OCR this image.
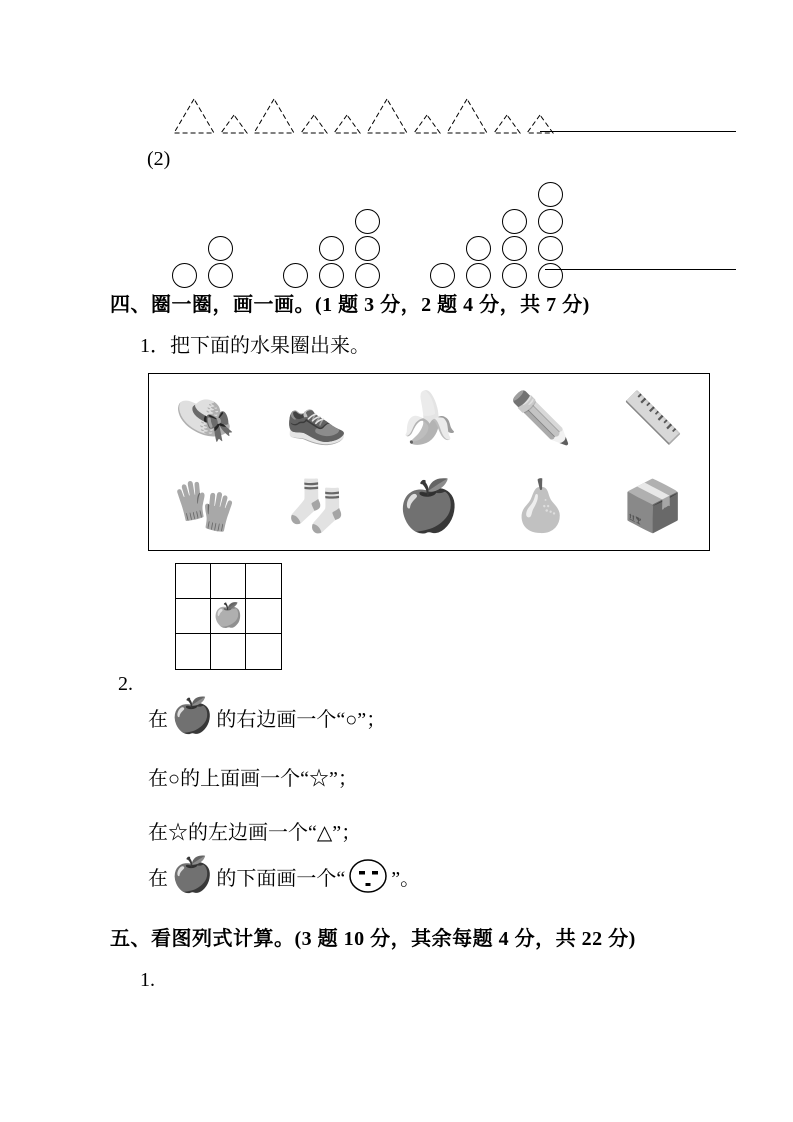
(2)
四、圈一圈，画一画。(1 题 3 分，2 题 4 分，共 7 分)
1．把下面的水果圈出来。
👒 👟 🍌 ✏️ 📏
🧤 🧦 🍎 🍐 📦
🍏
2.
在 🍎 的右边画一个“○”；
在○的上面画一个“☆”；
在☆的左边画一个“△”；
在 🍎 的下面画一个“ ”。
五、看图列式计算。(3 题 10 分，其余每题 4 分，共 22 分)
1.
